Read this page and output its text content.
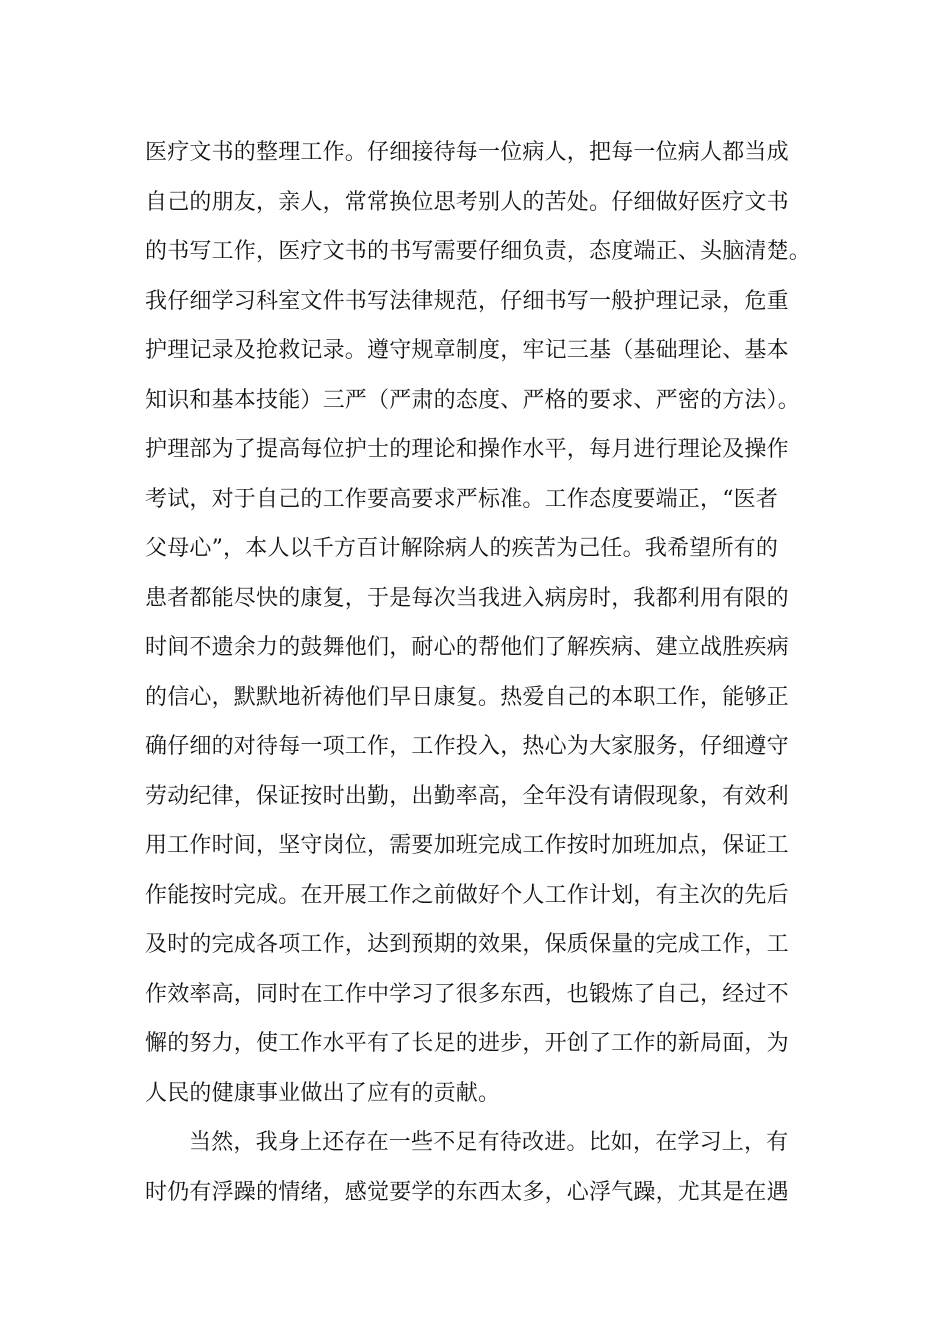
医疗文书的整理工作。仔细接待每一位病人，把每一位病人都当成
自己的朋友，亲人，常常换位思考别人的苦处。仔细做好医疗文书
的书写工作，医疗文书的书写需要仔细负责，态度端正、头脑清楚。
我仔细学习科室文件书写法律规范，仔细书写一般护理记录，危重
护理记录及抢救记录。遵守规章制度，牢记三基（基础理论、基本
知识和基本技能）三严（严肃的态度、严格的要求、严密的方法）。
护理部为了提高每位护士的理论和操作水平，每月进行理论及操作
考试，对于自己的工作要高要求严标准。工作态度要端正，“医者
父母心”，本人以千方百计解除病人的疾苦为己任。我希望所有的
患者都能尽快的康复，于是每次当我进入病房时，我都利用有限的
时间不遗余力的鼓舞他们，耐心的帮他们了解疾病、建立战胜疾病
的信心，默默地祈祷他们早日康复。热爱自己的本职工作，能够正
确仔细的对待每一项工作，工作投入，热心为大家服务，仔细遵守
劳动纪律，保证按时出勤，出勤率高，全年没有请假现象，有效利
用工作时间，坚守岗位，需要加班完成工作按时加班加点，保证工
作能按时完成。在开展工作之前做好个人工作计划，有主次的先后
及时的完成各项工作，达到预期的效果，保质保量的完成工作，工
作效率高，同时在工作中学习了很多东西，也锻炼了自己，经过不
懈的努力，使工作水平有了长足的进步，开创了工作的新局面，为
人民的健康事业做出了应有的贡献。
当然，我身上还存在一些不足有待改进。比如，在学习上，有
时仍有浮躁的情绪，感觉要学的东西太多，心浮气躁，尤其是在遇
